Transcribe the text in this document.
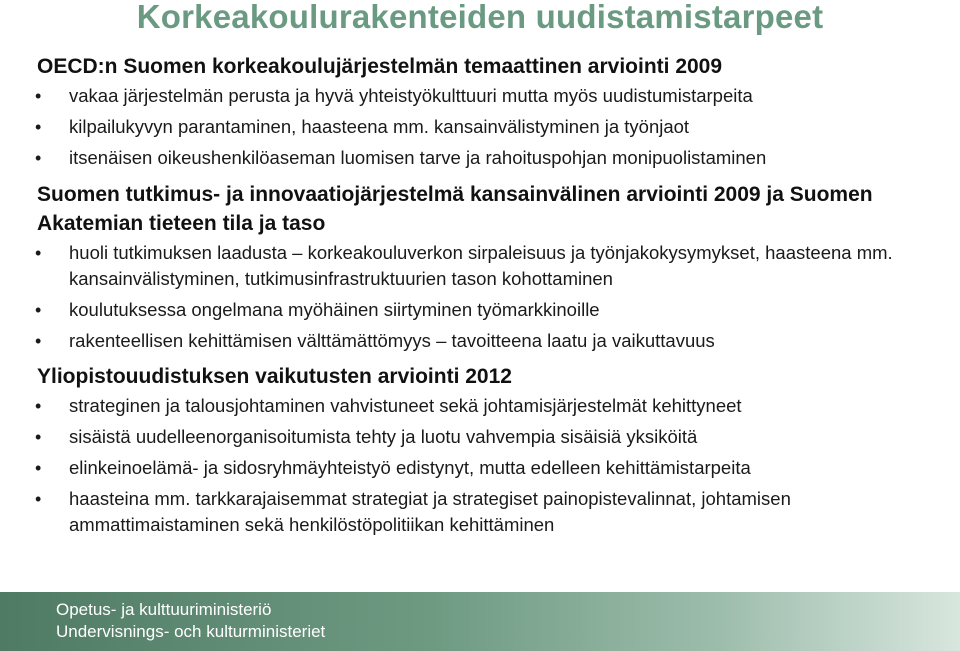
Korkeakoulurakenteiden uudistamistarpeet
OECD:n Suomen korkeakoulujärjestelmän temaattinen arviointi 2009
• vakaa järjestelmän perusta ja hyvä yhteistyökulttuuri mutta myös uudistumistarpeita
• kilpailukyvyn parantaminen, haasteena mm. kansainvälistyminen ja työnjaot
• itsenäisen oikeushenkilöaseman luomisen tarve ja rahoituspohjan monipuolistaminen
Suomen tutkimus- ja innovaatiojärjestelmä kansainvälinen arviointi 2009 ja Suomen Akatemian tieteen tila ja taso
• huoli tutkimuksen laadusta – korkeakouluverkon sirpaleisuus ja työnjakokysymykset, haasteena mm. kansainvälistyminen, tutkimusinfrastruktuurien tason kohottaminen
• koulutuksessa ongelmana myöhäinen siirtyminen työmarkkinoille
• rakenteellisen kehittämisen välttämättömyys – tavoitteena laatu ja vaikuttavuus
Yliopistouudistuksen vaikutusten arviointi 2012
• strateginen ja talousjohtaminen vahvistuneet sekä johtamisjärjestelmät kehittyneet
• sisäistä uudelleenorganisoitumista tehty ja luotu vahvempia sisäisiä yksiköitä
• elinkeinoelämä- ja sidosryhmäyhteistyö edistynyt, mutta edelleen kehittämistarpeita
• haasteina mm. tarkkarajaisemmat strategiat ja strategiset painopistevalinnat, johtamisen ammattimaistaminen sekä henkilöstöpolitiikan kehittäminen
Opetus- ja kulttuuriministeriö
Undervisnings- och kulturministeriet
